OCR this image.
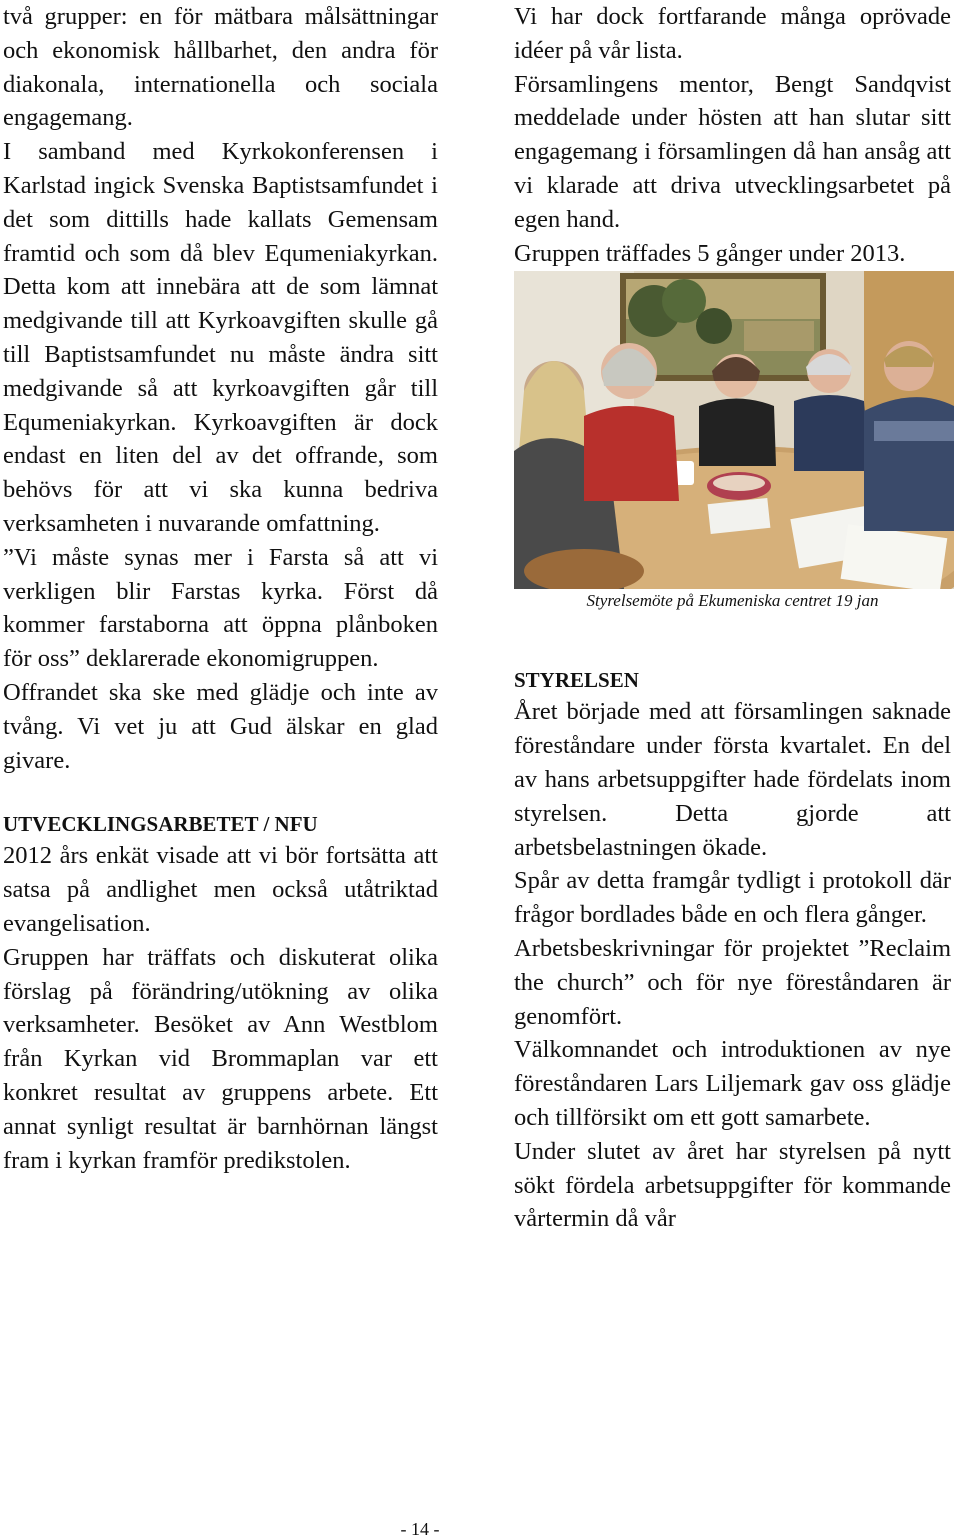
två grupper: en för mätbara målsättningar och ekonomisk hållbarhet, den andra för diakonala, internationella och sociala engagemang.

I samband med Kyrkokonferensen i Karlstad ingick Svenska Baptistsamfundet i det som dittills hade kallats Gemensam framtid och som då blev Equmeniakyrkan. Detta kom att innebära att de som lämnat medgivande till att Kyrkoavgiften skulle gå till Baptistsamfundet nu måste ändra sitt medgivande så att kyrkoavgiften går till Equmeniakyrkan. Kyrkoavgiften är dock endast en liten del av det offrande, som behövs för att vi ska kunna bedriva verksamheten i nuvarande omfattning.

”Vi måste synas mer i Farsta så att vi verkligen blir Farstas kyrka. Först då kommer farstaborna att öppna plånboken för oss” deklarerade ekonomigruppen.

Offrandet ska ske med glädje och inte av tvång. Vi vet ju att Gud älskar en glad givare.

UTVECKLINGSARBETET / NFU

2012 års enkät visade att vi bör fortsätta att satsa på andlighet men också utåtriktad evangelisation.

Gruppen har träffats och diskuterat olika förslag på förändring/utökning av olika verksamheter. Besöket av Ann Westblom från Kyrkan vid Brommaplan var ett konkret resultat av gruppens arbete. Ett annat synligt resultat är barnhörnan längst fram i kyrkan framför predikstolen.

Vi har dock fortfarande många oprövade idéer på vår lista.

Församlingens mentor, Bengt Sandqvist meddelade under hösten att han slutar sitt engagemang i församlingen då han ansåg att vi klarade att driva utvecklingsarbetet på egen hand.

Gruppen träffades 5 gånger under 2013.

Styrelsemöte på Ekumeniska centret 19 jan

STYRELSEN

Året började med att församlingen saknade föreståndare under första kvartalet. En del av hans arbetsuppgifter hade fördelats inom styrelsen. Detta gjorde att arbetsbelastningen ökade.

Spår av detta framgår tydligt i protokoll där frågor bordlades både en och flera gånger.

Arbetsbeskrivningar för projektet ”Reclaim the church” och för nye föreståndaren är genomfört.

Välkomnandet och introduktionen av nye föreståndaren Lars Liljemark gav oss glädje och tillförsikt om ett gott samarbete.

Under slutet av året har styrelsen på nytt sökt fördela arbetsuppgifter för kommande vårtermin då vår

- 14 -
